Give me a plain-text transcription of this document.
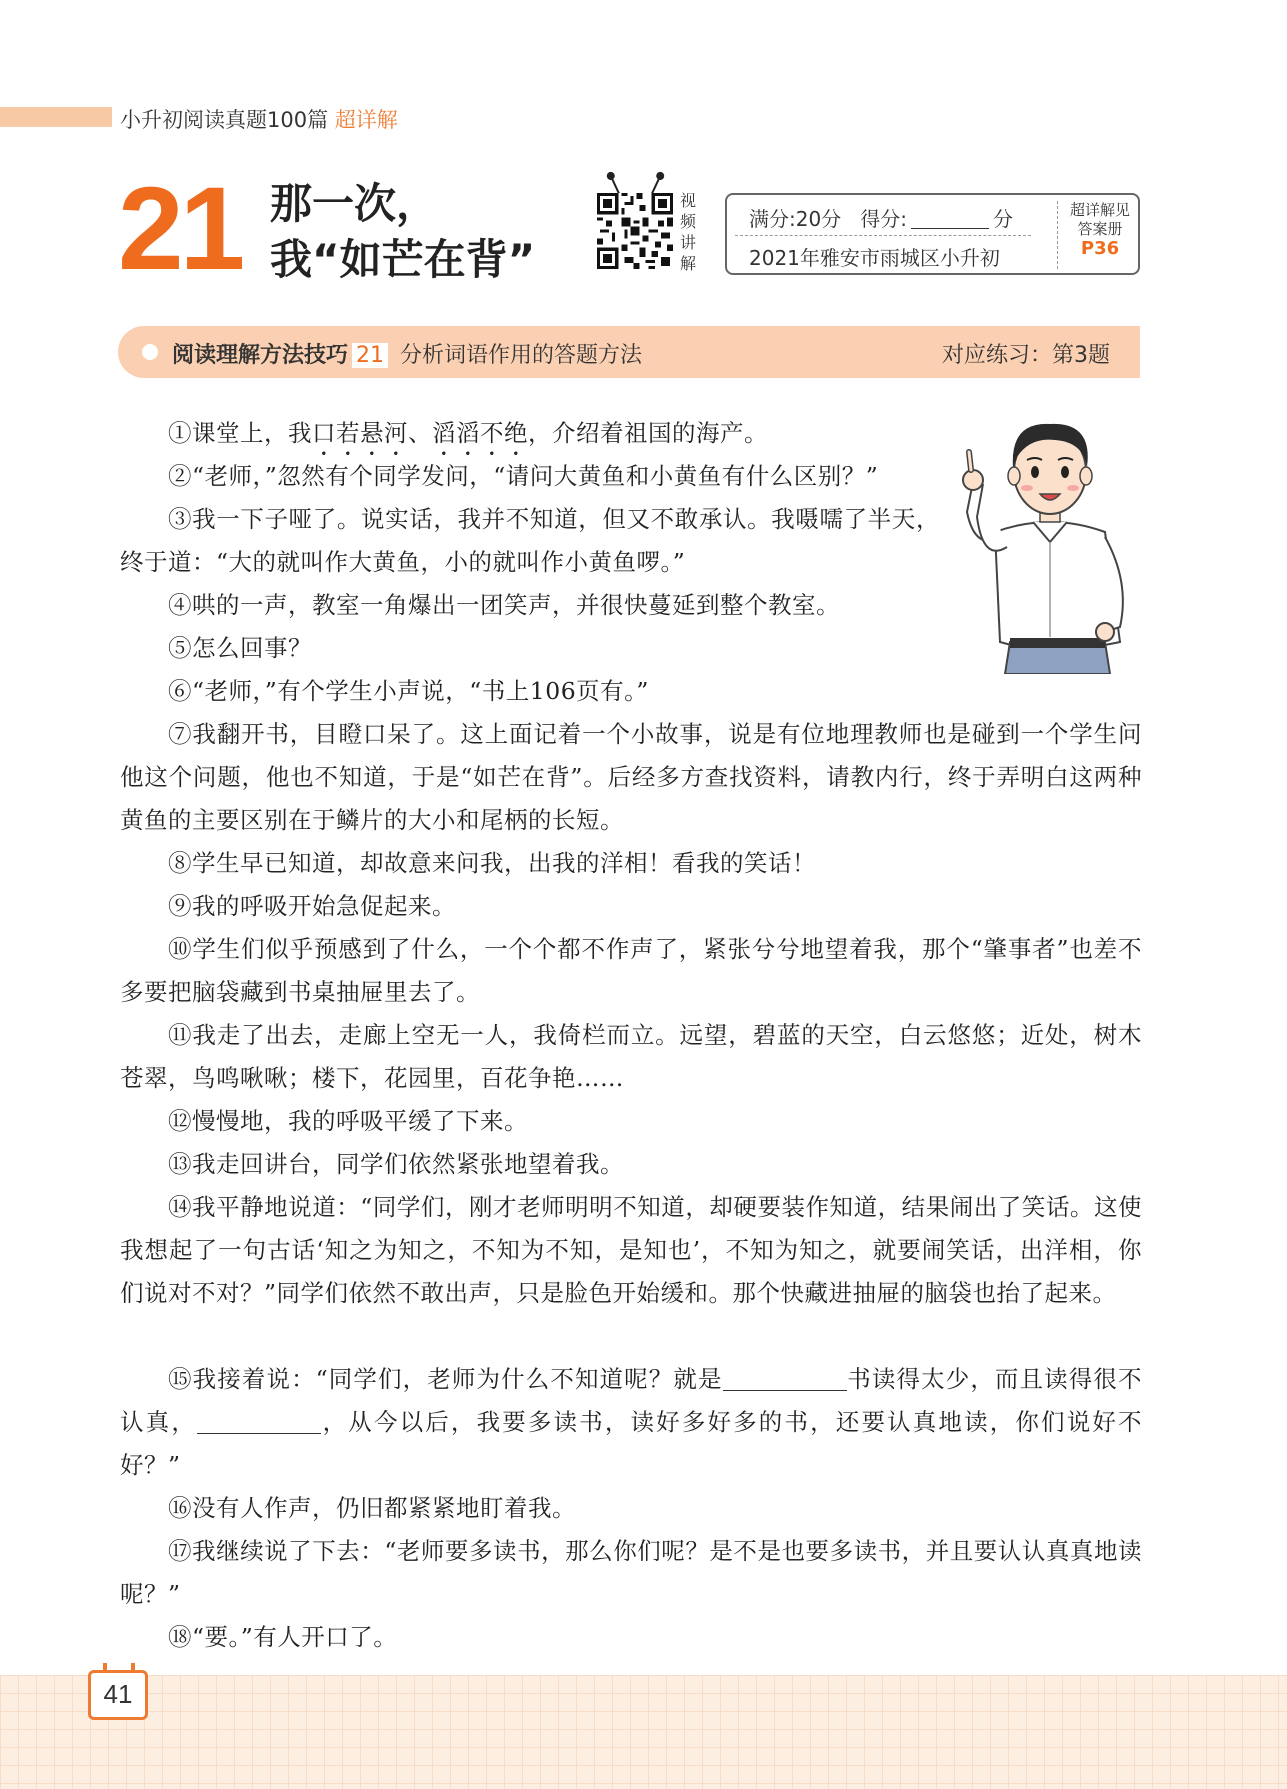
小升初阅读真题100篇 超详解
21 那一次，
我“如芒在背”
视
频
讲
解
满分:20分 得分:	分
2021年雅安市雨城区小升初
超详解见
答案册
P36
阅读理解方法技巧 21 分析词语作用的答题方法	对应练习：第3题

①课堂上，我口若悬河、滔滔不绝，介绍着祖国的海产。

②“老师，”忽然有个同学发问，“请问大黄鱼和小黄鱼有什么区别？”

③我一下子哑了。说实话，我并不知道，但又不敢承认。我嗫嚅了半天，终于道：“大的就叫作大黄鱼，小的就叫作小黄鱼啰。”

④哄的一声，教室一角爆出一团笑声，并很快蔓延到整个教室。

⑤怎么回事？

⑥“老师，”有个学生小声说，“书上106页有。”

⑦我翻开书，目瞪口呆了。这上面记着一个小故事，说是有位地理教师也是碰到一个学生问他这个问题，他也不知道，于是“如芒在背”。后经多方查找资料，请教内行，终于弄明白这两种黄鱼的主要区别在于鳞片的大小和尾柄的长短。

⑧学生早已知道，却故意来问我，出我的洋相！看我的笑话！

⑨我的呼吸开始急促起来。

⑩学生们似乎预感到了什么，一个个都不作声了，紧张兮兮地望着我，那个“肇事者”也差不多要把脑袋藏到书桌抽屉里去了。

⑪我走了出去，走廊上空无一人，我倚栏而立。远望，碧蓝的天空，白云悠悠；近处，树木苍翠，鸟鸣啾啾；楼下，花园里，百花争艳……

⑫慢慢地，我的呼吸平缓了下来。

⑬我走回讲台，同学们依然紧张地望着我。

⑭我平静地说道：“同学们，刚才老师明明不知道，却硬要装作知道，结果闹出了笑话。这使我想起了一句古话‘知之为知之，不知为不知，是知也’，不知为知之，就要闹笑话，出洋相，你们说对不对？”同学们依然不敢出声，只是脸色开始缓和。那个快藏进抽屉的脑袋也抬了起来。

⑮我接着说：“同学们，老师为什么不知道呢？就是	书读得太少，而且读得很不认真，	，从今以后，我要多读书，读好多好多的书，还要认真地读，你们说好不好？”

⑯没有人作声，仍旧都紧紧地盯着我。

⑰我继续说了下去：“老师要多读书，那么你们呢？是不是也要多读书，并且要认认真真地读呢？”

⑱“要。”有人开口了。

41
